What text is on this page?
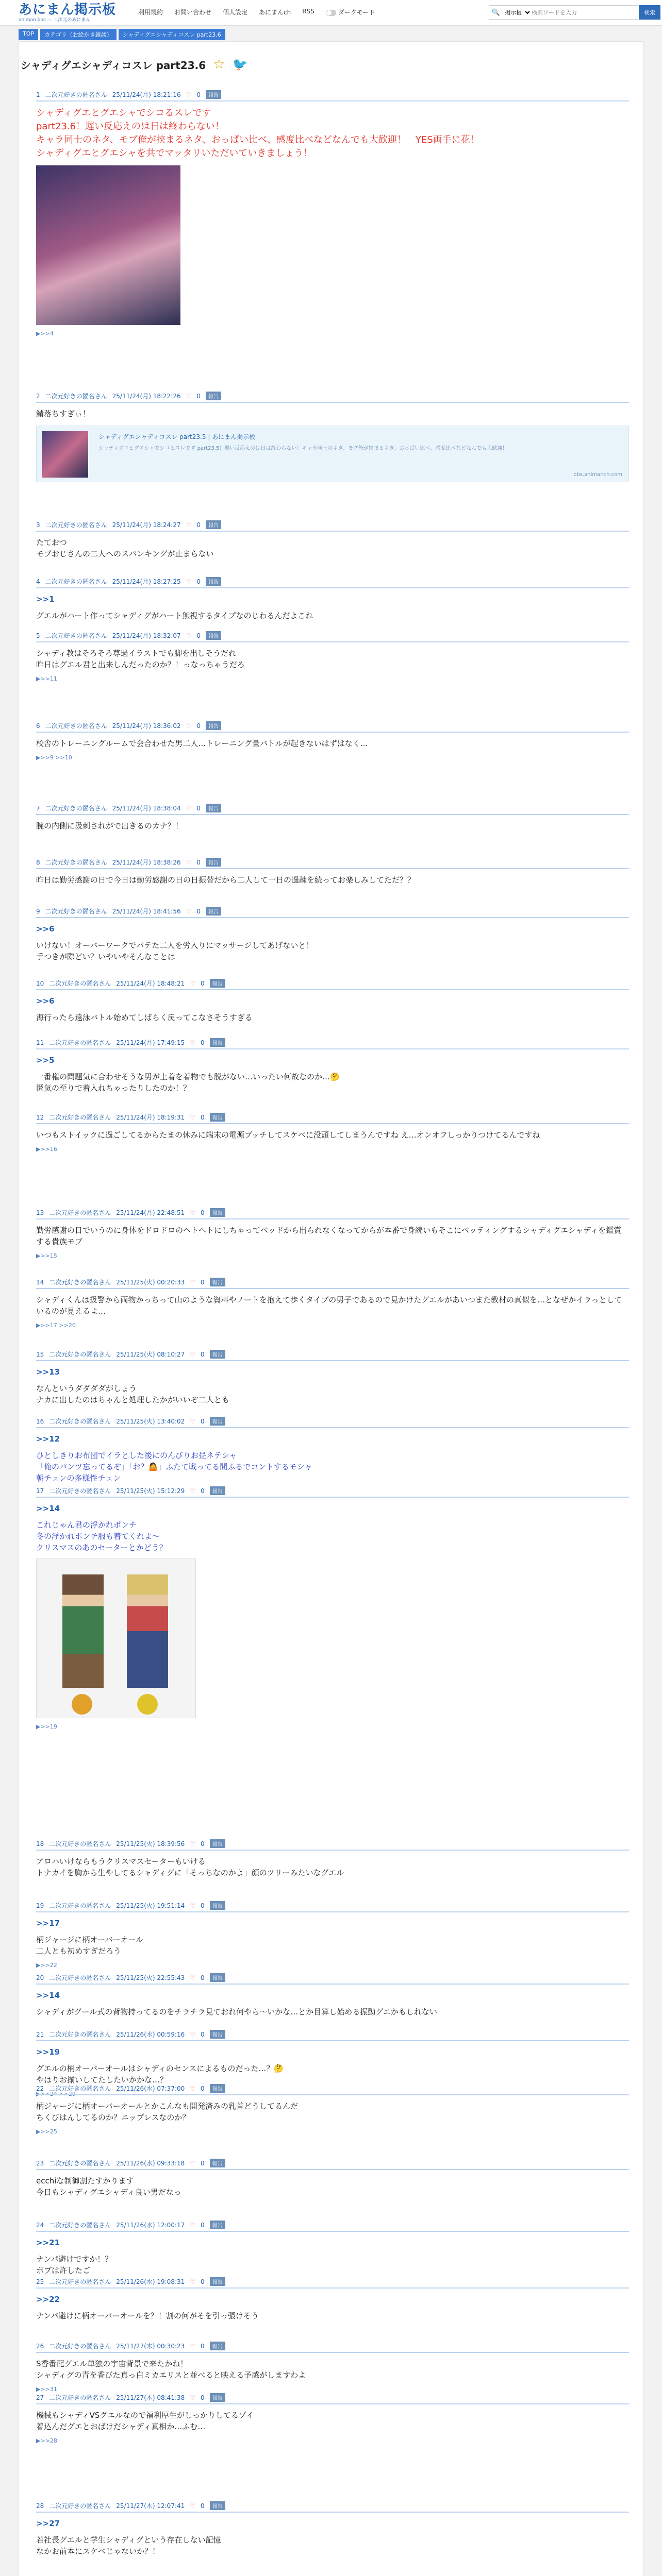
あにまん掲示板
animan bbs — 二次元のあにまん
利用規約 お問い合わせ 個人設定 あにまんch RSS	ダークモード	🔍
掲示板
検索ワードを入力	検索
TOP	カテゴリ（お絵かき雑談）	シャディグエシャディコスレ part23.6
シャディグエシャディコスレ part23.6 ☆ 🐦
1 二次元好きの匿名さん 25/11/24(月) 18:21:16 ♡ 0	報告
シャディグエとグエシャでシコるスレです
part23.6！遅い反応えのは日は終わらない！
キャラ同士のネタ、モブ俺が挟まるネタ、おっぱい比べ、感度比べなどなんでも大歓迎！　YES両手に花！
シャディグエとグエシャを共でマッタリいただいていきましょう！
▶>>4
2 二次元好きの匿名さん 25/11/24(月) 18:22:26 ♡ 0	報告
鯖落ちすぎぃ！
シャディグエシャディコスレ part23.5 | あにまん掲示板
シャディグエとグエシャでシコるスレです part23.5！遅い反応えのは日は終わらない！キャラ同士のネタ、モブ俺が挟まるネタ、おっぱい比べ、感度比べなどなんでも大歓迎！
bbs.animanch.com
3 二次元好きの匿名さん 25/11/24(月) 18:24:27 ♡ 0	報告
たておつ
モブおじさんの二人へのスパンキングが止まらない
4 二次元好きの匿名さん 25/11/24(月) 18:27:25 ♡ 0	報告
>>1
グエルがハート作ってシャディグがハート無視するタイプなのじわるんだよこれ
5 二次元好きの匿名さん 25/11/24(月) 18:32:07 ♡ 0	報告
シャディ教はそろそろ尊過イラストでも脚を出しそうだれ
昨日はグエル君と出来しんだったのか？！っなっちゃうだろ
▶>>11
6 二次元好きの匿名さん 25/11/24(月) 18:36:02 ♡ 0	報告
校舎のトレーニングルームで会合わせた男二人…トレーニング量バトルが起きないはずはなく…
▶>>9 >>10
7 二次元好きの匿名さん 25/11/24(月) 18:38:04 ♡ 0	報告
腕の内側に汲刺されがで出きるのカナ？！
8 二次元好きの匿名さん 25/11/24(月) 18:38:26 ♡ 0	報告
昨日は勤労感謝の日で今日は勤労感謝の日の日振替だから二人して一日の過疎を続ってお楽しみしてただ？？
9 二次元好きの匿名さん 25/11/24(月) 18:41:56 ♡ 0	報告
>>6
いけない！オーバーワークでバテた二人を労入りにマッサージしてあげないと！
手つきが際どい？いやいやそんなことは
10 二次元好きの匿名さん 25/11/24(月) 18:48:21 ♡ 0	報告
>>6
海行ったら遠泳バトル始めてしばらく戻ってこなさそうすぎる
11 二次元好きの匿名さん 25/11/24(月) 17:49:15 ♡ 0	報告
>>5
一番権の問題気に合わせそうな男が上着を着物でも脱がない…いったい何故なのか…🤔
匿気の至りで着入れちゃったりしたのか！？
12 二次元好きの匿名さん 25/11/24(月) 18:19:31 ♡ 0	報告
いつもストイックに過ごしてるからたまの休みに端末の電源ブッチしてスケベに没頭してしまうんですね え…オンオフしっかりつけてるんですね
▶>>16
13 二次元好きの匿名さん 25/11/24(月) 22:48:51 ♡ 0	報告
勤労感謝の日でいうのに身体をドロドロのヘトヘトにしちゃってベッドから出られなくなってからが本番で身続いもそこにベッティングするシャディグエシャディを鑑賞する貴族モブ
▶>>15
14 二次元好きの匿名さん 25/11/25(火) 00:20:33 ♡ 0	報告
シャディくんは扱警から両物かっちって山のような資料やノートを抱えて歩くタイプの男子であるので見かけたグエルがあいつまた教材の真似を…となぜかイラっとしているのが見えるよ…
▶>>17 >>20
15 二次元好きの匿名さん 25/11/25(火) 08:10:27 ♡ 0	報告
>>13
なんというダダダダがしょう
ナカに出したのはちゃんと処理したかがいいぞ二人とも
16 二次元好きの匿名さん 25/11/25(火) 13:40:02 ♡ 0	報告
>>12
ひとしきりお布団でイラとした後にのんびりお昼ネテシャ
「俺のパンツ忘ってるぞ」「お？🤷‍」ふたて戦ってる間ふるでコントするモシャ
朝チュンの多様性チュン
17 二次元好きの匿名さん 25/11/25(火) 15:12:29 ♡ 0	報告
>>14
これじゃん君の浮かれポンチ
冬の浮かれポンチ服も着てくれよ〜
クリスマスのあのセーターとかどう？
▶>>19
18 二次元好きの匿名さん 25/11/25(火) 18:39:56 ♡ 0	報告
アロハいけならもうクリスマスセーターもいける
トナカイを胸から生やしてるシャディグに「そっちなのかよ」顔のツリーみたいなグエル
19 二次元好きの匿名さん 25/11/25(火) 19:51:14 ♡ 0	報告
>>17
柄ジャージに柄オーバーオール
二人とも初めすぎだろう
▶>>22
20 二次元好きの匿名さん 25/11/25(火) 22:55:43 ♡ 0	報告
>>14
シャディがグール式の背物持ってるのをチラチラ見ておれ何やら～いかな…とか目算し始める振動グエかもしれない
21 二次元好きの匿名さん 25/11/26(水) 00:59:16 ♡ 0	報告
>>19
グエルの柄オーバーオールはシャディのセンスによるものだった…？🤔
やはりお揃いしてたしたいかかな…？
▶>>24 >>29
22 二次元好きの匿名さん 25/11/26(水) 07:37:00 ♡ 0	報告
柄ジャージに柄オーバーオールとかこんなも開発済みの乳首どうしてるんだ
ちくびはんしてるのか？ニップレスなのか？
▶>>25
23 二次元好きの匿名さん 25/11/26(水) 09:33:18 ♡ 0	報告
ecchiな制御割たすかります
今日もシャディグエシャディ良い男だなっ
24 二次元好きの匿名さん 25/11/26(水) 12:00:17 ♡ 0	報告
>>21
ナンパ避けですか！？
ボブは許したご
25 二次元好きの匿名さん 25/11/26(水) 19:08:31 ♡ 0	報告
>>22
ナンパ避けに柄オーバーオールを？！割の何がそを引っ張けそう
26 二次元好きの匿名さん 25/11/27(木) 00:30:23 ♡ 0	報告
S香番配グエル単独の宇宙背景で来たかね！
シャディグの青を香びた真っ白ミカエリスと並べると映える予感がしますわよ
▶>>31
27 二次元好きの匿名さん 25/11/27(木) 08:41:38 ♡ 0	報告
機械もシャディVSグエルなので福利厚生がしっかりしてるゾイ
着込んだグエとおばけだシャディ真相か…ふむ…
▶>>28
28 二次元好きの匿名さん 25/11/27(木) 12:07:41 ♡ 0	報告
>>27
若社長グエルと学生シャディグという存在しない記憶
なかお前本にスケベじゃないか？！
